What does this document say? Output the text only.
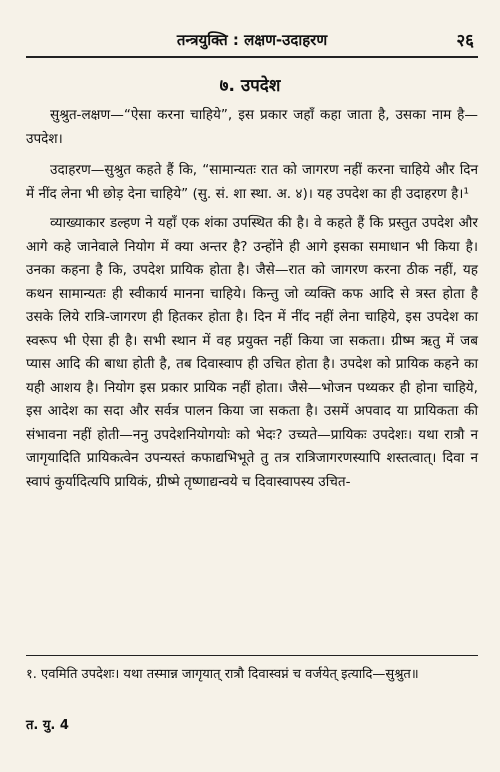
तन्त्रयुक्ति : लक्षण-उदाहरण	२६
७. उपदेश

सुश्रुत-लक्षण—“ऐसा करना चाहिये”, इस प्रकार जहाँ कहा जाता है, उसका नाम है—उपदेश।

उदाहरण—सुश्रुत कहते हैं कि, “सामान्यतः रात को जागरण नहीं करना चाहिये और दिन में नींद लेना भी छोड़ देना चाहिये” (सु. सं. शा स्था. अ. ४)। यह उपदेश का ही उदाहरण है।¹

व्याख्याकार डल्हण ने यहाँ एक शंका उपस्थित की है। वे कहते हैं कि प्रस्तुत उपदेश और आगे कहे जानेवाले नियोग में क्या अन्तर है? उन्होंने ही आगे इसका समाधान भी किया है। उनका कहना है कि, उपदेश प्रायिक होता है। जैसे—रात को जागरण करना ठीक नहीं, यह कथन सामान्यतः ही स्वीकार्य मानना चाहिये। किन्तु जो व्यक्ति कफ आदि से त्रस्त होता है उसके लिये रात्रि-जागरण ही हितकर होता है। दिन में नींद नहीं लेना चाहिये, इस उपदेश का स्वरूप भी ऐसा ही है। सभी स्थान में वह प्रयुक्त नहीं किया जा सकता। ग्रीष्म ऋतु में जब प्यास आदि की बाधा होती है, तब दिवास्वाप ही उचित होता है। उपदेश को प्रायिक कहने का यही आशय है। नियोग इस प्रकार प्रायिक नहीं होता। जैसे—भोजन पथ्यकर ही होना चाहिये, इस आदेश का सदा और सर्वत्र पालन किया जा सकता है। उसमें अपवाद या प्रायिकता की संभावना नहीं होती—ननु उपदेशनियोगयोः को भेदः? उच्यते—प्रायिकः उपदेशः। यथा रात्रौ न जागृयादिति प्रायिकत्वेन उपन्यस्तं कफाद्यभिभूते तु तत्र रात्रिजागरणस्यापि शस्तत्वात्। दिवा न स्वापं कुर्यादित्यपि प्रायिकं, ग्रीष्मे तृष्णाद्यन्वये च दिवास्वापस्य उचित-

१. एवमिति उपदेशः। यथा तस्मान्न जागृयात् रात्रौ दिवास्वप्नं च वर्जयेत् इत्यादि—सुश्रुत॥

त. यु. 4
